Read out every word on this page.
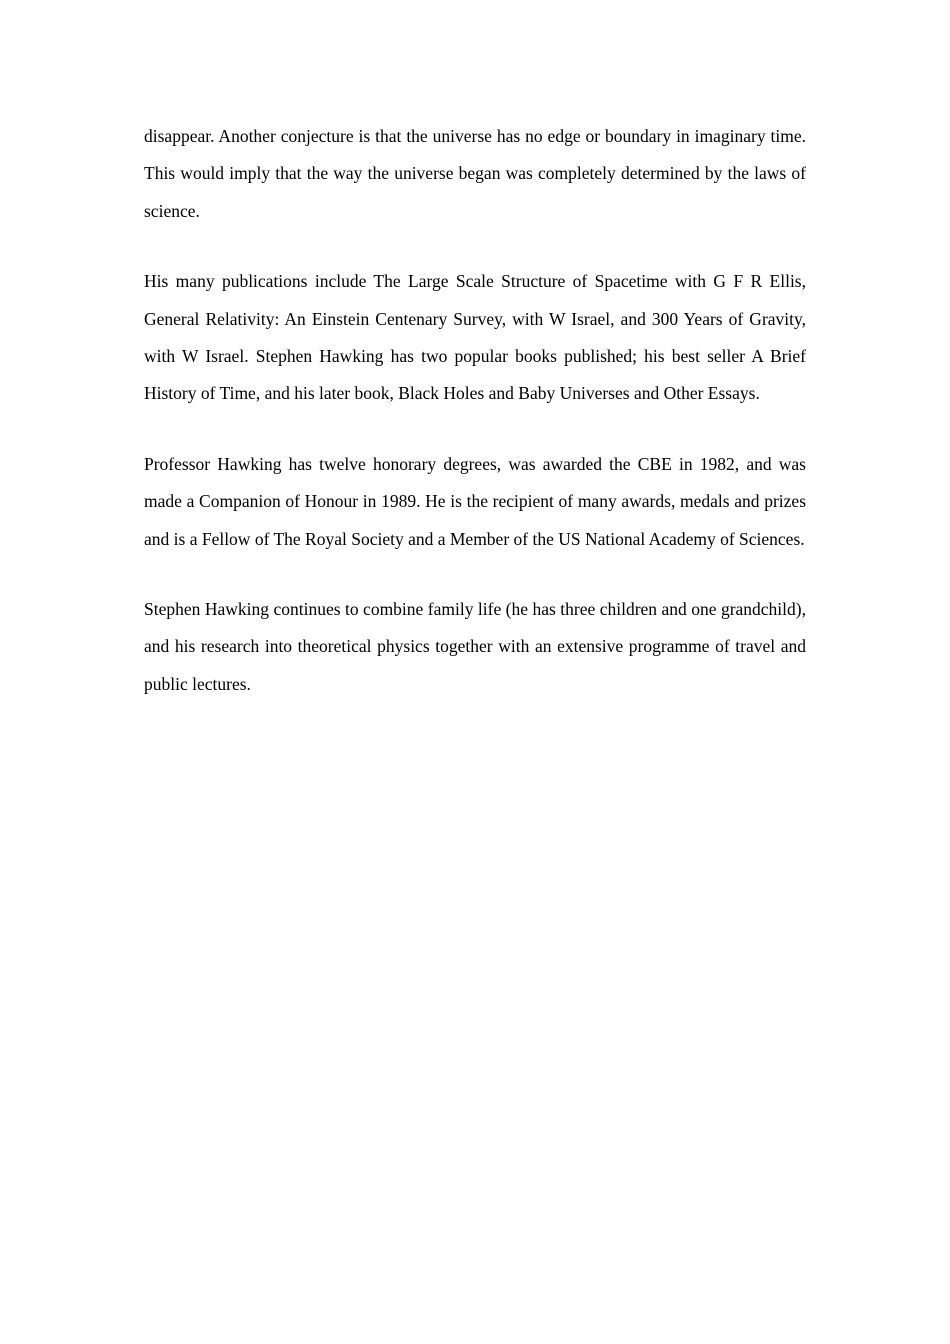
disappear. Another conjecture is that the universe has no edge or boundary in imaginary time. This would imply that the way the universe began was completely determined by the laws of science.

His many publications include The Large Scale Structure of Spacetime with G F R Ellis, General Relativity: An Einstein Centenary Survey, with W Israel, and 300 Years of Gravity, with W Israel. Stephen Hawking has two popular books published; his best seller A Brief History of Time, and his later book, Black Holes and Baby Universes and Other Essays.

Professor Hawking has twelve honorary degrees, was awarded the CBE in 1982, and was made a Companion of Honour in 1989. He is the recipient of many awards, medals and prizes and is a Fellow of The Royal Society and a Member of the US National Academy of Sciences.

Stephen Hawking continues to combine family life (he has three children and one grandchild), and his research into theoretical physics together with an extensive programme of travel and public lectures.
